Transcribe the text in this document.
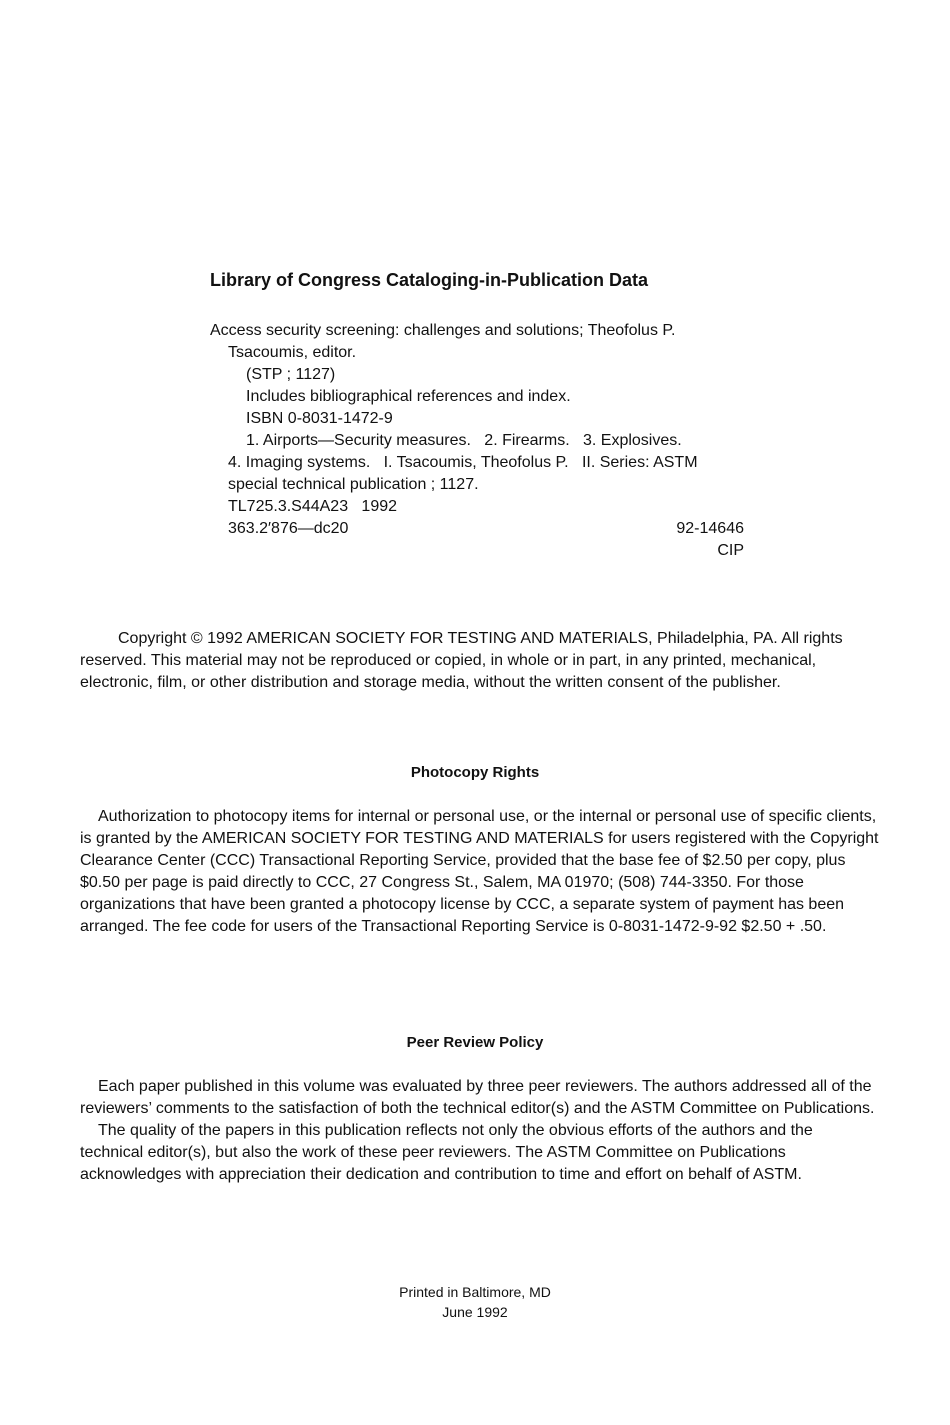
Library of Congress Cataloging-in-Publication Data
Access security screening: challenges and solutions; Theofolus P.
Tsacoumis, editor.
(STP ; 1127)
Includes bibliographical references and index.
ISBN 0-8031-1472-9
1. Airports—Security measures.   2. Firearms.   3. Explosives.
4. Imaging systems.   I. Tsacoumis, Theofolus P.   II. Series: ASTM
special technical publication ; 1127.
TL725.3.S44A23   1992
363.2′876—dc20	92-14646
CIP

Copyright © 1992 AMERICAN SOCIETY FOR TESTING AND MATERIALS, Philadelphia, PA. All rights reserved. This material may not be reproduced or copied, in whole or in part, in any printed, mechanical, electronic, film, or other distribution and storage media, without the written consent of the publisher.

Photocopy Rights

Authorization to photocopy items for internal or personal use, or the internal or personal use of specific clients, is granted by the AMERICAN SOCIETY FOR TESTING AND MATERIALS for users registered with the Copyright Clearance Center (CCC) Transactional Reporting Service, provided that the base fee of $2.50 per copy, plus $0.50 per page is paid directly to CCC, 27 Congress St., Salem, MA 01970; (508) 744-3350. For those organizations that have been granted a photocopy license by CCC, a separate system of payment has been arranged. The fee code for users of the Transactional Reporting Service is 0-8031-1472-9-92 $2.50 + .50.

Peer Review Policy

Each paper published in this volume was evaluated by three peer reviewers. The authors addressed all of the reviewers’ comments to the satisfaction of both the technical editor(s) and the ASTM Committee on Publications.

The quality of the papers in this publication reflects not only the obvious efforts of the authors and the technical editor(s), but also the work of these peer reviewers. The ASTM Committee on Publications acknowledges with appreciation their dedication and contribution to time and effort on behalf of ASTM.

Printed in Baltimore, MD
June 1992
